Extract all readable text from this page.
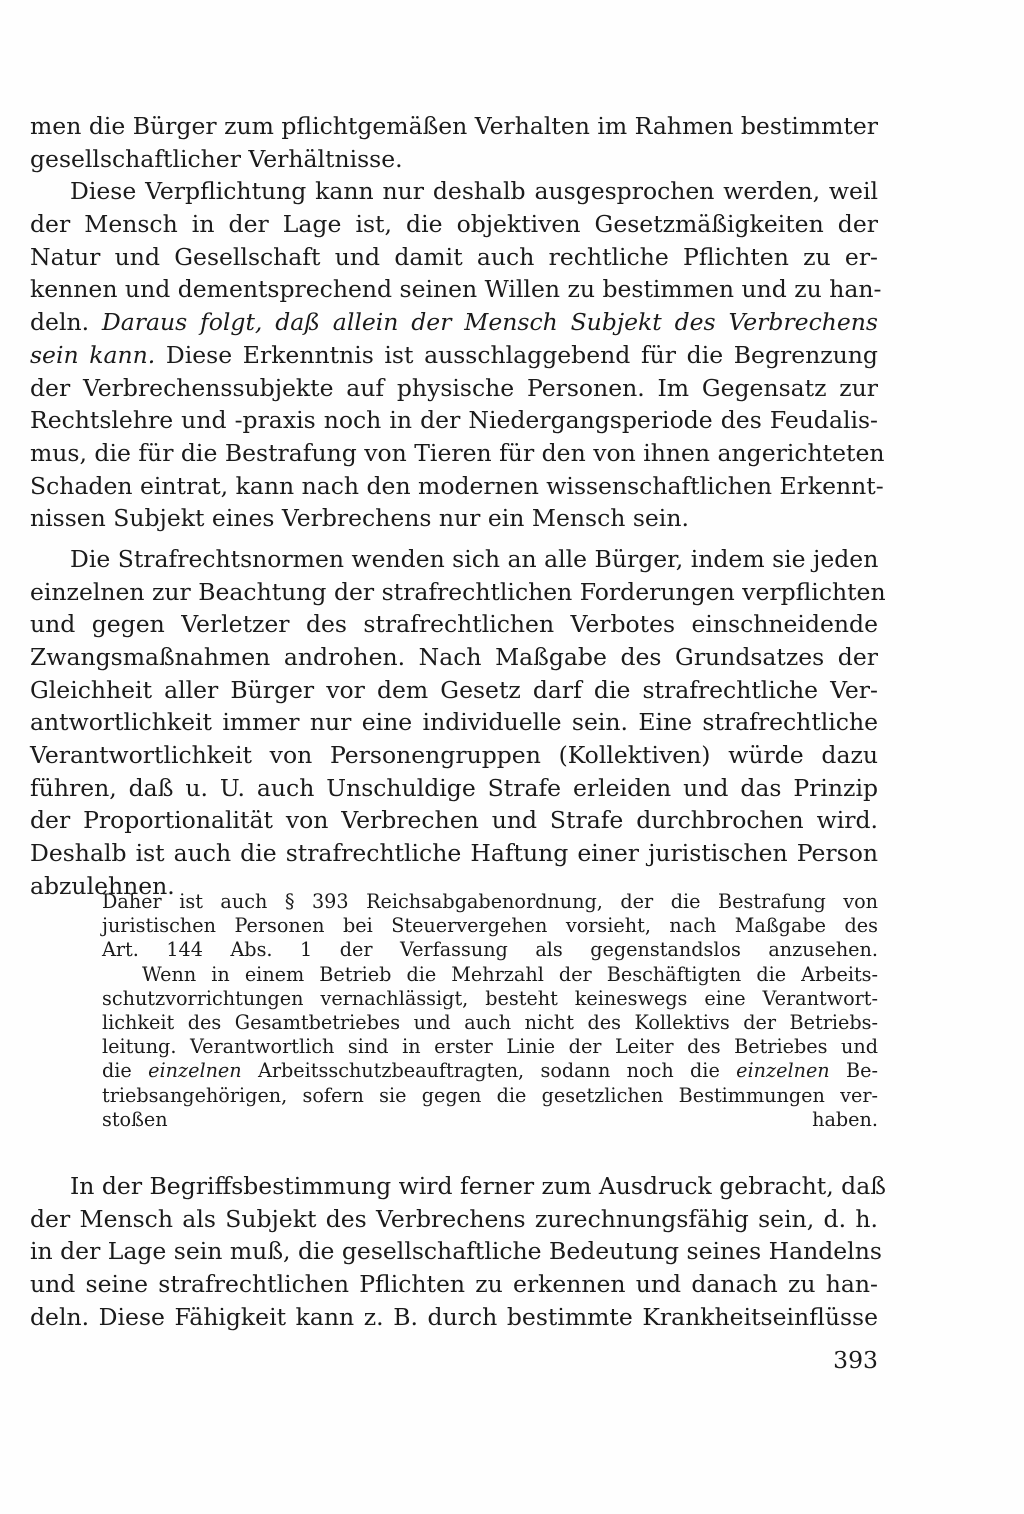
men die Bürger zum pflichtgemäßen Verhalten im Rahmen bestimmter
gesellschaftlicher Verhältnisse.
Diese Verpflichtung kann nur deshalb ausgesprochen werden, weil
der Mensch in der Lage ist, die objektiven Gesetzmäßigkeiten der
Natur und Gesellschaft und damit auch rechtliche Pflichten zu er-
kennen und dementsprechend seinen Willen zu bestimmen und zu han-
deln. Daraus folgt, daß allein der Mensch Subjekt des Verbrechens
sein kann. Diese Erkenntnis ist ausschlaggebend für die Begrenzung
der Verbrechenssubjekte auf physische Personen. Im Gegensatz zur
Rechtslehre und -praxis noch in der Niedergangsperiode des Feudalis-
mus, die für die Bestrafung von Tieren für den von ihnen angerichteten
Schaden eintrat, kann nach den modernen wissenschaftlichen Erkennt-
nissen Subjekt eines Verbrechens nur ein Mensch sein.
Die Strafrechtsnormen wenden sich an alle Bürger, indem sie jeden
einzelnen zur Beachtung der strafrechtlichen Forderungen verpflichten
und gegen Verletzer des strafrechtlichen Verbotes einschneidende
Zwangsmaßnahmen androhen. Nach Maßgabe des Grundsatzes der
Gleichheit aller Bürger vor dem Gesetz darf die strafrechtliche Ver-
antwortlichkeit immer nur eine individuelle sein. Eine strafrechtliche
Verantwortlichkeit von Personengruppen (Kollektiven) würde dazu
führen, daß u. U. auch Unschuldige Strafe erleiden und das Prinzip
der Proportionalität von Verbrechen und Strafe durchbrochen wird.
Deshalb ist auch die strafrechtliche Haftung einer juristischen Person
abzulehnen.
Daher ist auch § 393 Reichsabgabenordnung, der die Bestrafung von
juristischen Personen bei Steuervergehen vorsieht, nach Maßgabe des
Art. 144 Abs. 1 der Verfassung als gegenstandslos anzusehen.
Wenn in einem Betrieb die Mehrzahl der Beschäftigten die Arbeits-
schutzvorrichtungen vernachlässigt, besteht keineswegs eine Verantwort-
lichkeit des Gesamtbetriebes und auch nicht des Kollektivs der Betriebs-
leitung. Verantwortlich sind in erster Linie der Leiter des Betriebes und
die einzelnen Arbeitsschutzbeauftragten, sodann noch die einzelnen Be-
triebsangehörigen, sofern sie gegen die gesetzlichen Bestimmungen ver-
stoßen haben.
In der Begriffsbestimmung wird ferner zum Ausdruck gebracht, daß
der Mensch als Subjekt des Verbrechens zurechnungsfähig sein, d. h.
in der Lage sein muß, die gesellschaftliche Bedeutung seines Handelns
und seine strafrechtlichen Pflichten zu erkennen und danach zu han-
deln. Diese Fähigkeit kann z. B. durch bestimmte Krankheitseinflüsse
393
